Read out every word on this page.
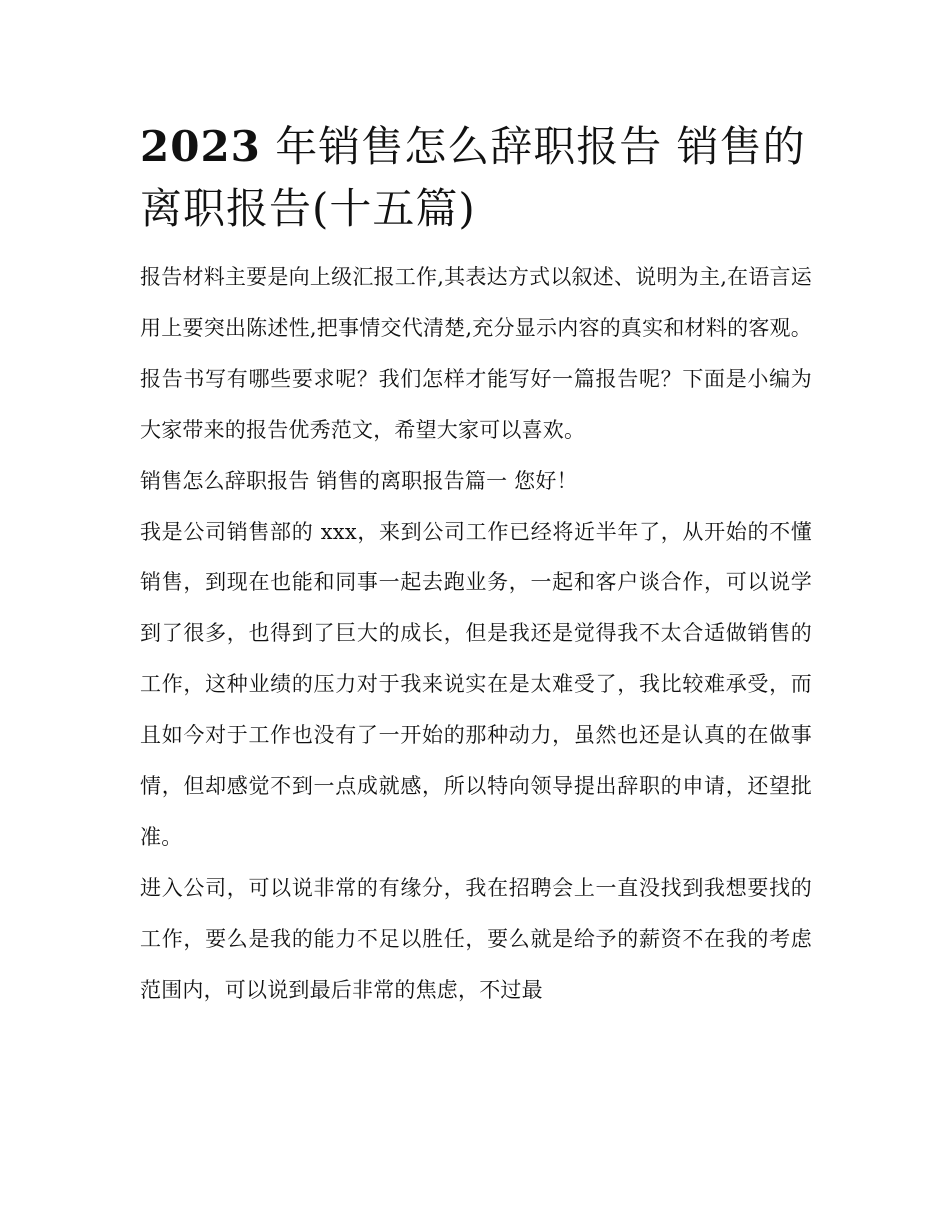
2023 年销售怎么辞职报告 销售的离职报告(十五篇)

报告材料主要是向上级汇报工作,其表达方式以叙述、说明为主,在语言运用上要突出陈述性,把事情交代清楚,充分显示内容的真实和材料的客观。报告书写有哪些要求呢？我们怎样才能写好一篇报告呢？下面是小编为大家带来的报告优秀范文，希望大家可以喜欢。

销售怎么辞职报告 销售的离职报告篇一 您好！

我是公司销售部的 xxx，来到公司工作已经将近半年了，从开始的不懂销售，到现在也能和同事一起去跑业务，一起和客户谈合作，可以说学到了很多，也得到了巨大的成长，但是我还是觉得我不太合适做销售的工作，这种业绩的压力对于我来说实在是太难受了，我比较难承受，而且如今对于工作也没有了一开始的那种动力，虽然也还是认真的在做事情，但却感觉不到一点成就感，所以特向领导提出辞职的申请，还望批准。

进入公司，可以说非常的有缘分，我在招聘会上一直没找到我想要找的工作，要么是我的能力不足以胜任，要么就是给予的薪资不在我的考虑范围内，可以说到最后非常的焦虑，不过最
